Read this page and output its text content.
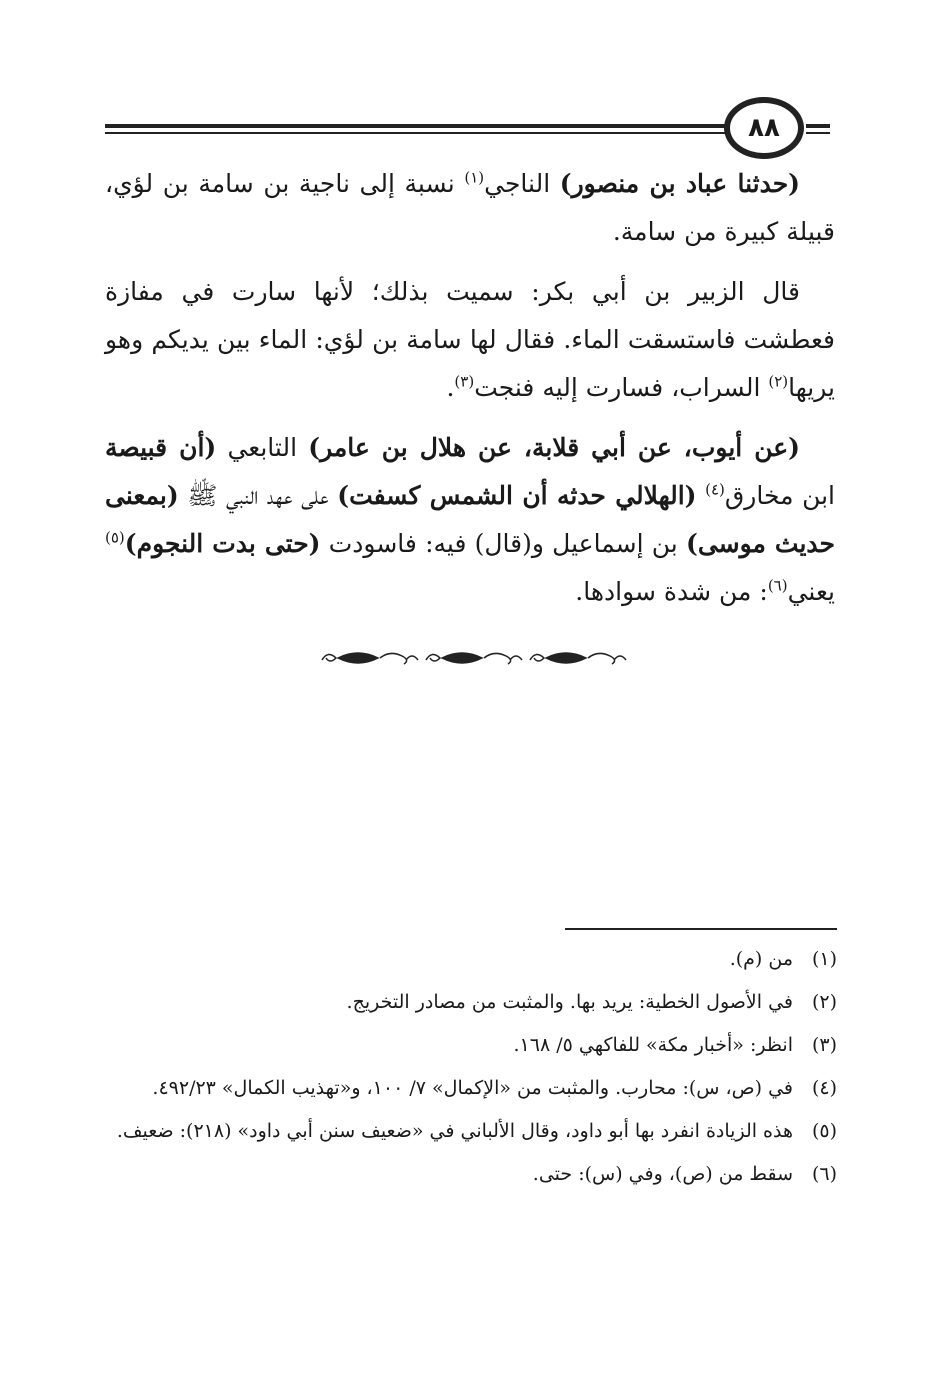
٨٨

(حدثنا عباد بن منصور) الناجي$^{(١)}$ نسبة إلى ناجية بن سامة بن لؤي، قبيلة كبيرة من سامة.

قال الزبير بن أبي بكر: سميت بذلك؛ لأنها سارت في مفازة فعطشت فاستسقت الماء. فقال لها سامة بن لؤي: الماء بين يديكم وهو يريها$^{(٢)}$ السراب، فسارت إليه فنجت$^{(٣)}$.

(عن أيوب، عن أبي قلابة، عن هلال بن عامر) التابعي (أن قبيصة ابن مخارق$^{(٤)}$ (الهلالي حدثه أن الشمس كسفت) على عهد النبي ﷺ (بمعنى حديث موسى) بن إسماعيل و(قال) فيه: فاسودت (حتى بدت النجوم)$^{(٥)}$ يعني$^{(٦)}$: من شدة سوادها.

(١)
من (م).
(٢)
في الأصول الخطية: يريد بها. والمثبت من مصادر التخريج.
(٣)
انظر: «أخبار مكة» للفاكهي ٥/ ١٦٨.
(٤)
في (ص، س): محارب. والمثبت من «الإكمال» ٧/ ١٠٠، و«تهذيب الكمال» ٤٩٢/٢٣.
(٥)
هذه الزيادة انفرد بها أبو داود، وقال الألباني في «ضعيف سنن أبي داود» (٢١٨): ضعيف.
(٦)
سقط من (ص)، وفي (س): حتى.
